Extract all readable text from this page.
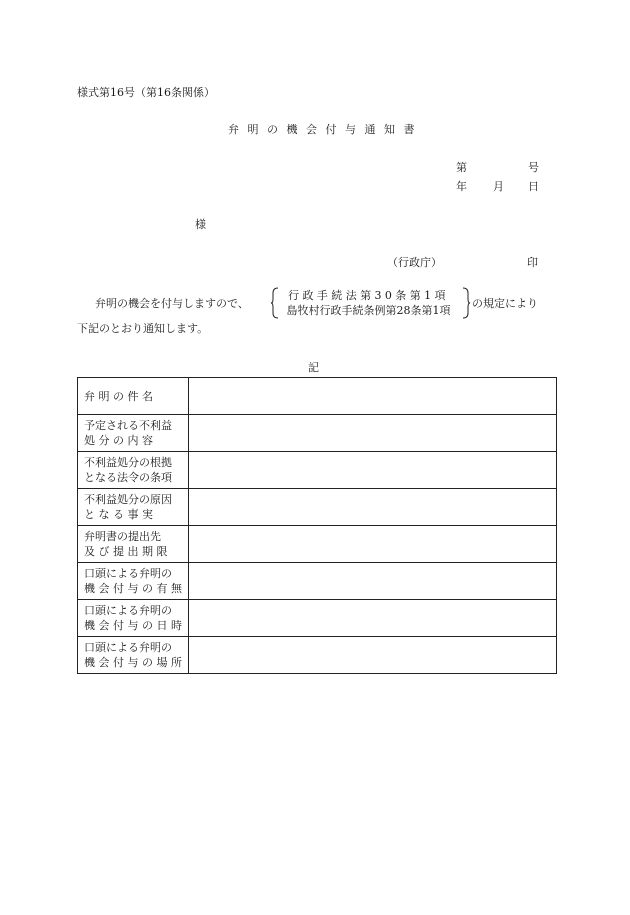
様式第16号（第16条関係）
弁明の機会付与通知書
第	号
年 月 日
様
（行政庁）	印
弁明の機会を付与しますので、
行政手続法第30条第1項
島牧村行政手続条例第28条第1項
の規定により
下記のとおり通知します。
記
弁 明 の 件 名	

予定される不利益
処 分 の 内 容	

不利益処分の根拠
となる法令の条項	

不利益処分の原因
と な る 事 実	

弁明書の提出先
及 び 提 出 期 限	

口頭による弁明の
機 会 付 与 の 有 無	

口頭による弁明の
機 会 付 与 の 日 時	

口頭による弁明の
機 会 付 与 の 場 所	
